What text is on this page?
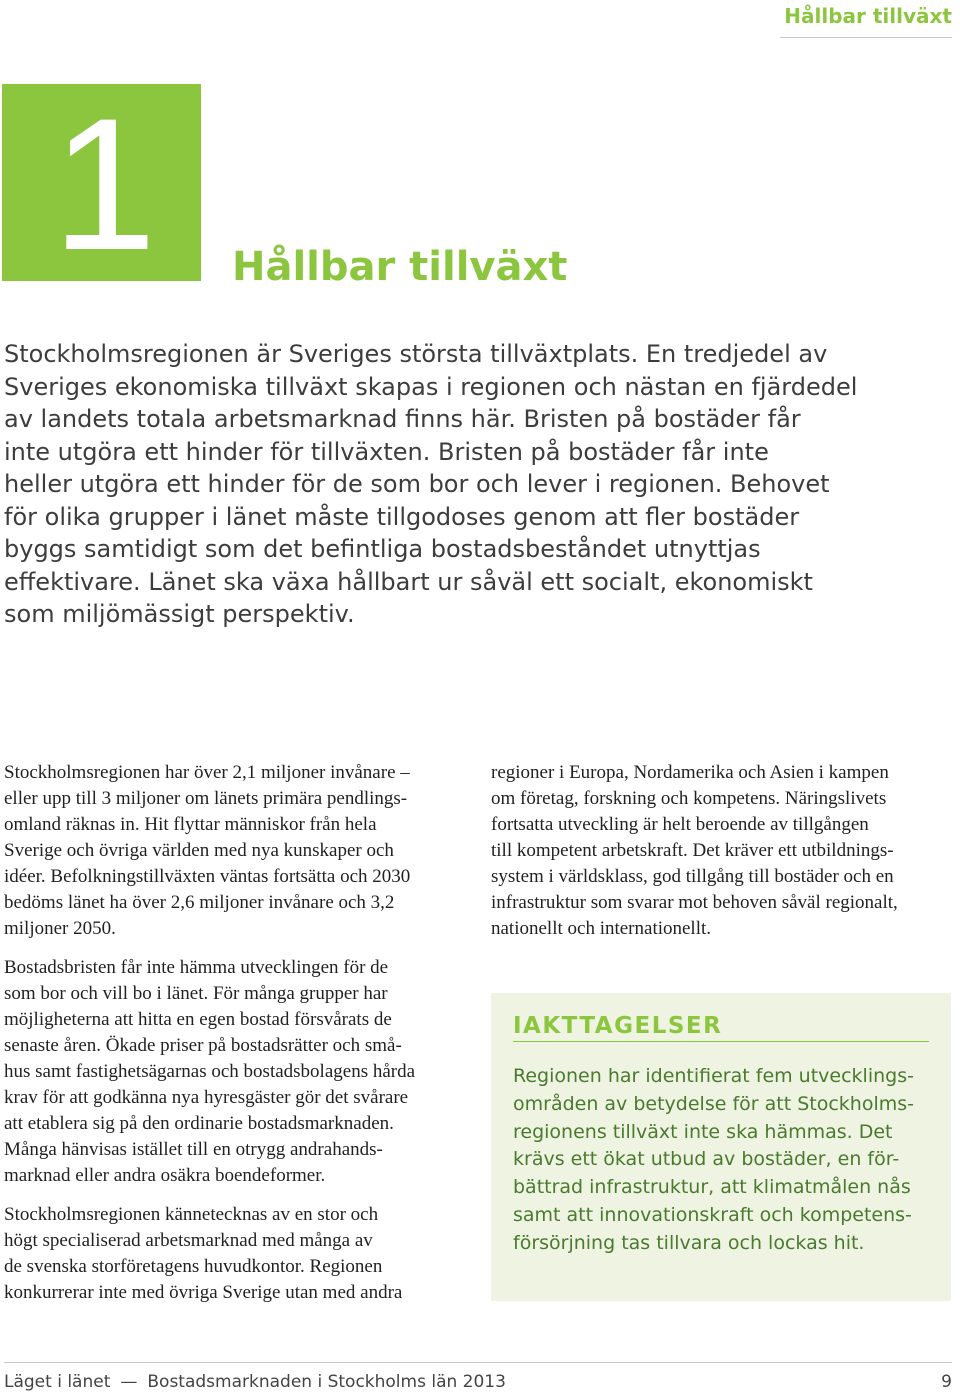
Hållbar tillväxt
1 Hållbar tillväxt
Stockholmsregionen är Sveriges största tillväxtplats. En tredjedel av
Sveriges ekonomiska tillväxt skapas i regionen och nästan en fjärdedel
av landets totala arbetsmarknad finns här. Bristen på bostäder får
inte utgöra ett hinder för tillväxten. Bristen på bostäder får inte
heller utgöra ett hinder för de som bor och lever i regionen. Behovet
för olika grupper i länet måste tillgodoses genom att fler bostäder
byggs samtidigt som det befintliga bostadsbeståndet utnyttjas
effektivare. Länet ska växa hållbart ur såväl ett socialt, ekonomiskt
som miljömässigt perspektiv.
Stockholmsregionen har över 2,1 miljoner invånare –
eller upp till 3 miljoner om länets primära pendlings-
omland räknas in. Hit flyttar människor från hela
Sverige och övriga världen med nya kunskaper och
idéer. Befolkningstillväxten väntas fortsätta och 2030
bedöms länet ha över 2,6 miljoner invånare och 3,2
miljoner 2050.
Bostadsbristen får inte hämma utvecklingen för de
som bor och vill bo i länet. För många grupper har
möjligheterna att hitta en egen bostad försvårats de
senaste åren. Ökade priser på bostadsrätter och små-
hus samt fastighetsägarnas och bostadsbolagens hårda
krav för att godkänna nya hyresgäster gör det svårare
att etablera sig på den ordinarie bostadsmarknaden.
Många hänvisas istället till en otrygg andrahands-
marknad eller andra osäkra boendeformer.
Stockholmsregionen kännetecknas av en stor och
högt specialiserad arbetsmarknad med många av
de svenska storföretagens huvudkontor. Regionen
konkurrerar inte med övriga Sverige utan med andra
regioner i Europa, Nordamerika och Asien i kampen
om företag, forskning och kompetens. Näringslivets
fortsatta utveckling är helt beroende av tillgången
till kompetent arbetskraft. Det kräver ett utbildnings-
system i världsklass, god tillgång till bostäder och en
infrastruktur som svarar mot behoven såväl regionalt,
nationellt och internationellt.
IAKTTAGELSER
Regionen har identifierat fem utvecklings-
områden av betydelse för att Stockholms-
regionens tillväxt inte ska hämmas. Det
krävs ett ökat utbud av bostäder, en för-
bättrad infrastruktur, att klimatmålen nås
samt att innovationskraft och kompetens-
försörjning tas tillvara och lockas hit.
Läget i länet — Bostadsmarknaden i Stockholms län 2013	9
